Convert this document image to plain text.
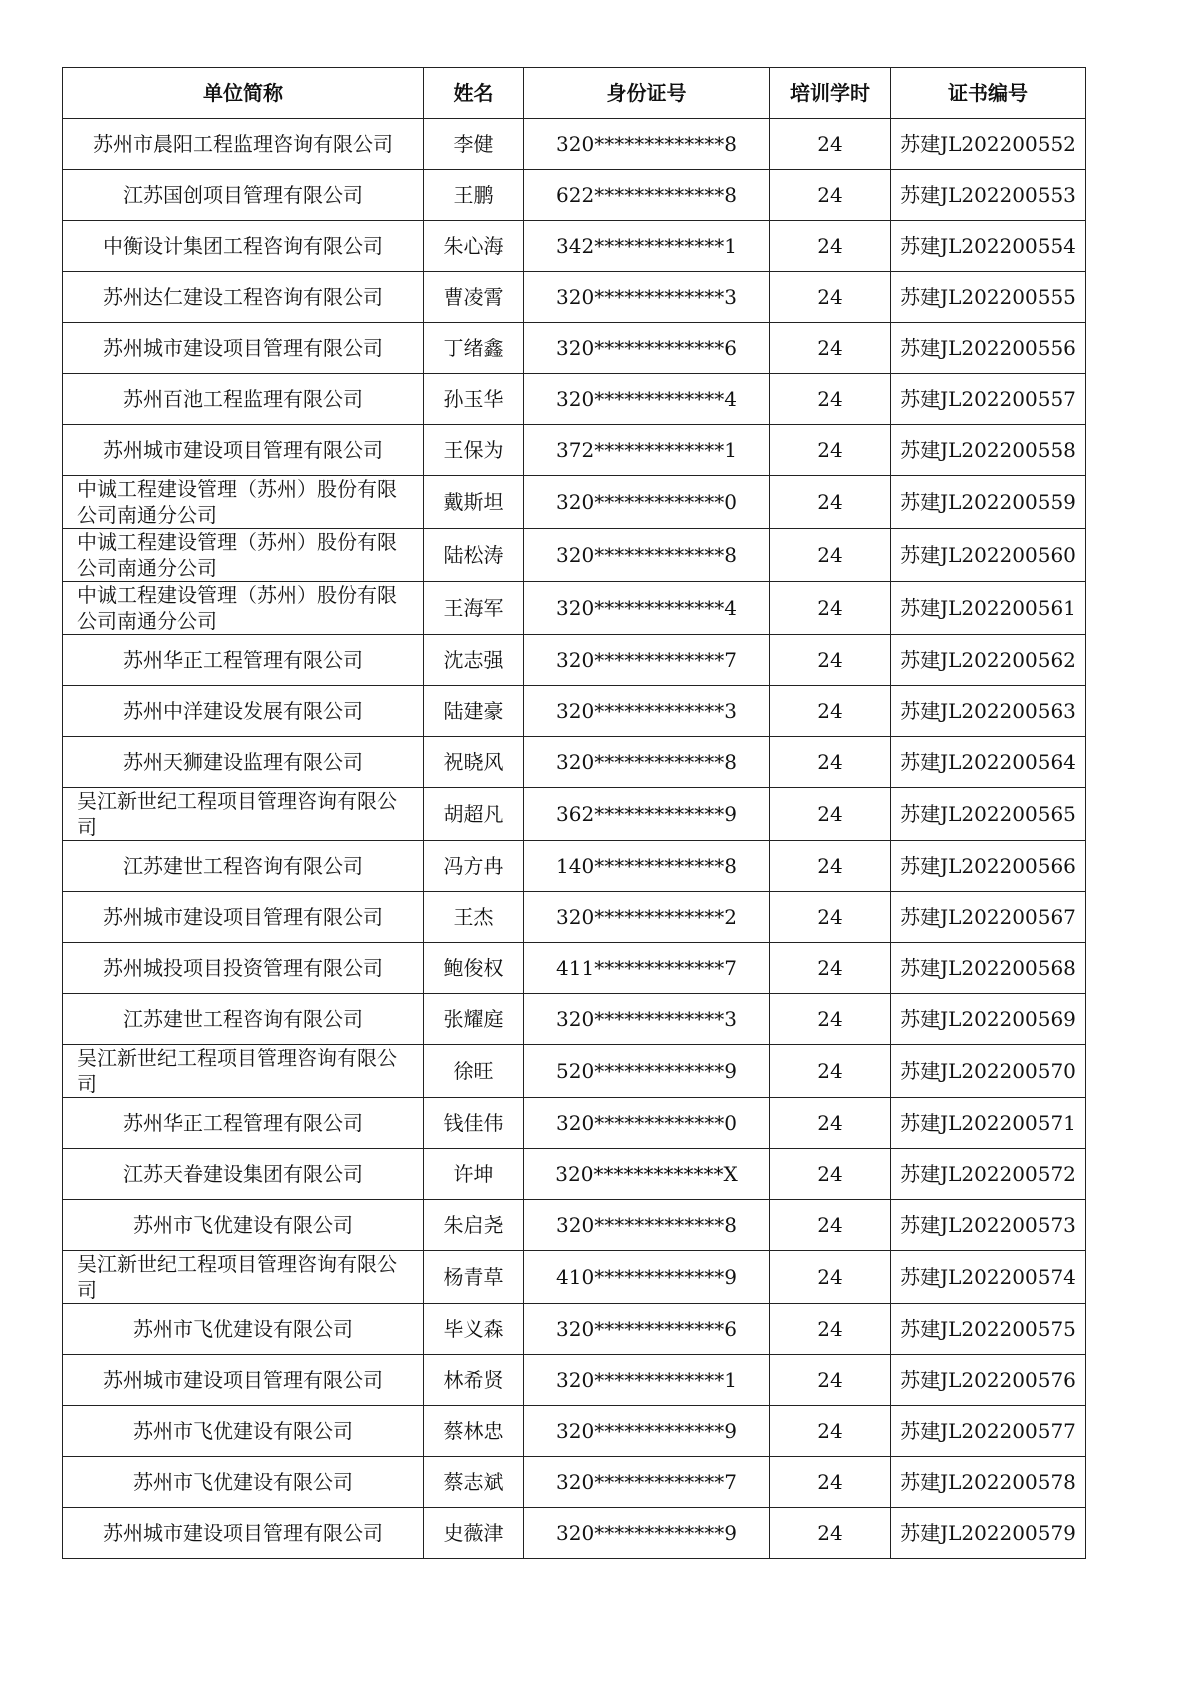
单位简称	姓名	身份证号	培训学时	证书编号
苏州市晨阳工程监理咨询有限公司	李健	320*************8	24	苏建JL202200552
江苏国创项目管理有限公司	王鹏	622*************8	24	苏建JL202200553
中衡设计集团工程咨询有限公司	朱心海	342*************1	24	苏建JL202200554
苏州达仁建设工程咨询有限公司	曹凌霄	320*************3	24	苏建JL202200555
苏州城市建设项目管理有限公司	丁绪鑫	320*************6	24	苏建JL202200556
苏州百池工程监理有限公司	孙玉华	320*************4	24	苏建JL202200557
苏州城市建设项目管理有限公司	王保为	372*************1	24	苏建JL202200558
中诚工程建设管理（苏州）股份有限公司南通分公司	戴斯坦	320*************0	24	苏建JL202200559
中诚工程建设管理（苏州）股份有限公司南通分公司	陆松涛	320*************8	24	苏建JL202200560
中诚工程建设管理（苏州）股份有限公司南通分公司	王海军	320*************4	24	苏建JL202200561
苏州华正工程管理有限公司	沈志强	320*************7	24	苏建JL202200562
苏州中洋建设发展有限公司	陆建豪	320*************3	24	苏建JL202200563
苏州天狮建设监理有限公司	祝晓风	320*************8	24	苏建JL202200564
吴江新世纪工程项目管理咨询有限公司	胡超凡	362*************9	24	苏建JL202200565
江苏建世工程咨询有限公司	冯方冉	140*************8	24	苏建JL202200566
苏州城市建设项目管理有限公司	王杰	320*************2	24	苏建JL202200567
苏州城投项目投资管理有限公司	鲍俊权	411*************7	24	苏建JL202200568
江苏建世工程咨询有限公司	张耀庭	320*************3	24	苏建JL202200569
吴江新世纪工程项目管理咨询有限公司	徐旺	520*************9	24	苏建JL202200570
苏州华正工程管理有限公司	钱佳伟	320*************0	24	苏建JL202200571
江苏天眷建设集团有限公司	许坤	320*************X	24	苏建JL202200572
苏州市飞优建设有限公司	朱启尧	320*************8	24	苏建JL202200573
吴江新世纪工程项目管理咨询有限公司	杨青草	410*************9	24	苏建JL202200574
苏州市飞优建设有限公司	毕义森	320*************6	24	苏建JL202200575
苏州城市建设项目管理有限公司	林希贤	320*************1	24	苏建JL202200576
苏州市飞优建设有限公司	蔡林忠	320*************9	24	苏建JL202200577
苏州市飞优建设有限公司	蔡志斌	320*************7	24	苏建JL202200578
苏州城市建设项目管理有限公司	史薇津	320*************9	24	苏建JL202200579
